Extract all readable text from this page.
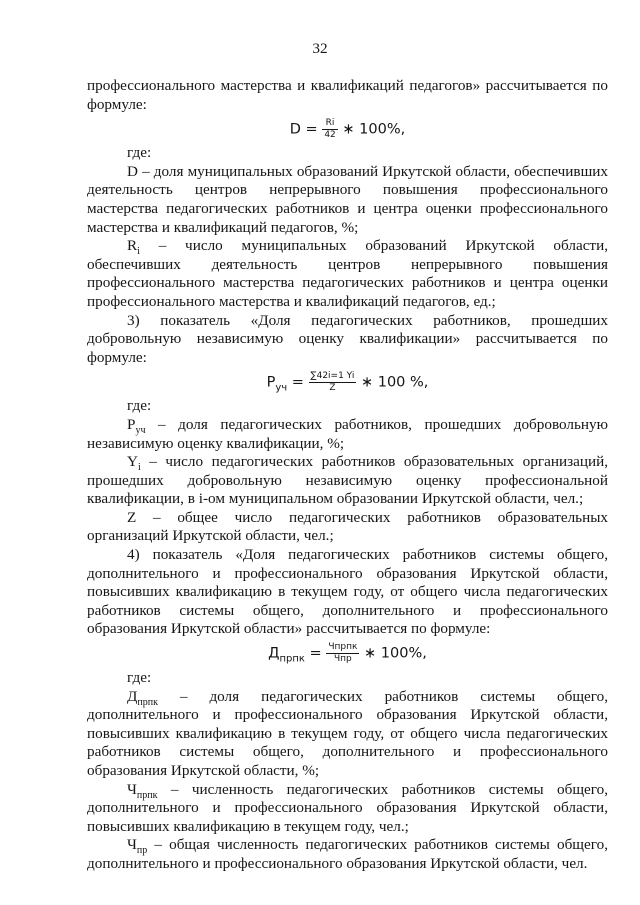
32

профессионального мастерства и квалификаций педагогов» рассчитывается по

формуле:

$D = \frac{Ri}{42}$ ∗ 100%,

где:

D – доля муниципальных образований Иркутской области, обеспечивших деятельность центров непрерывного повышения профессионального мастерства педагогических работников и центра оценки профессионального мастерства и квалификаций педагогов, %;

$R_i$ – число муниципальных образований Иркутской области,

обеспечивших деятельность центров непрерывного повышения профессионального мастерства педагогических работников и центра оценки профессионального мастерства и квалификаций педагогов, ед.;

3) показатель «Доля педагогических работников, прошедших

добровольную независимую оценку квалификации» рассчитывается по

формуле:

$Р_{уч} = \frac{\sum 42i=1 Yi}{Z}$ ∗ 100 %,

где:

$Р_{уч}$ – доля педагогических работников, прошедших добровольную

независимую оценку квалификации, %;

$Y_i$ – число педагогических работников образовательных организаций, прошедших добровольную независимую оценку профессиональной квалификации, в i-ом муниципальном образовании Иркутской области, чел.;

Z – общее число педагогических работников образовательных организаций Иркутской области, чел.;

4) показатель «Доля педагогических работников системы общего, дополнительного и профессионального образования Иркутской области, повысивших квалификацию в текущем году, от общего числа педагогических работников системы общего, дополнительного и профессионального образования Иркутской области» рассчитывается по формуле:

$Д_{прпк} = \frac{\text{Чпрпк}}{\text{Чпр}}$ ∗ 100%,

где:

$Д_{прпк}$ – доля педагогических работников системы общего, дополнительного и профессионального образования Иркутской области, повысивших квалификацию в текущем году, от общего числа педагогических работников системы общего, дополнительного и профессионального образования Иркутской области, %;

$Ч_{прпк}$ – численность педагогических работников системы общего, дополнительного и профессионального образования Иркутской области, повысивших квалификацию в текущем году, чел.;

$Ч_{пр}$ – общая численность педагогических работников системы общего, дополнительного и профессионального образования Иркутской области, чел.
